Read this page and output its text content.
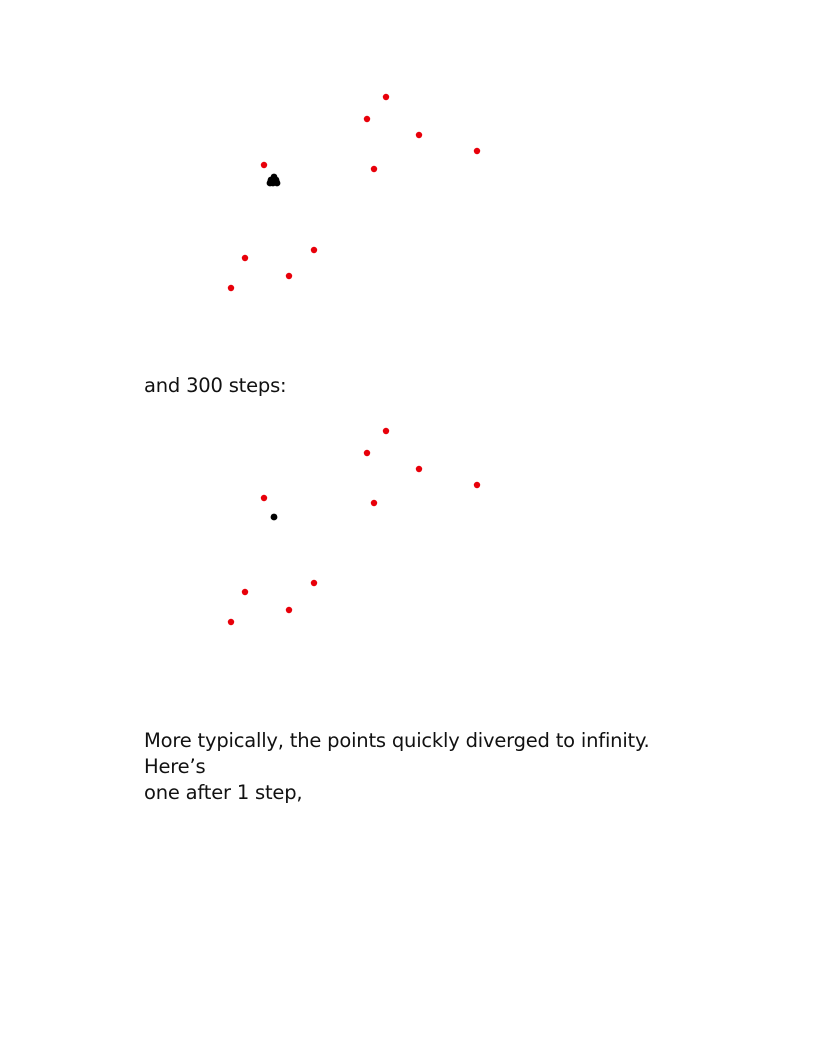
and 300 steps:

More typically, the points quickly diverged to infinity. Here’s
one after 1 step,
